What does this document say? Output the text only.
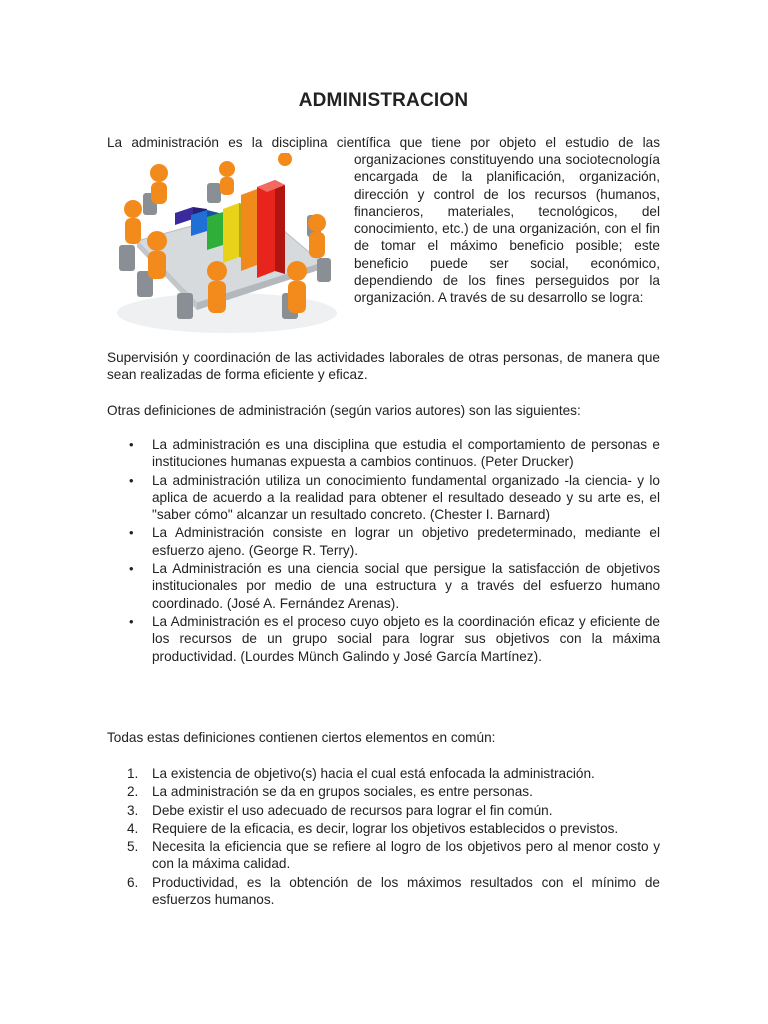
ADMINISTRACION
La administración es la disciplina científica que tiene por objeto el estudio de las
organizaciones constituyendo una sociotecnología encargada de la planificación, organización, dirección y control de los recursos (humanos, financieros, materiales, tecnológicos, del conocimiento, etc.) de una organización, con el fin de tomar el máximo beneficio posible; este beneficio puede ser social, económico, dependiendo de los fines perseguidos por la organización. A través de su desarrollo se logra:

Supervisión y coordinación de las actividades laborales de otras personas, de manera que sean realizadas de forma eficiente y eficaz.

Otras definiciones de administración (según varios autores) son las siguientes:

• La administración es una disciplina que estudia el comportamiento de personas e instituciones humanas expuesta a cambios continuos. (Peter Drucker)
• La administración utiliza un conocimiento fundamental organizado -la ciencia- y lo aplica de acuerdo a la realidad para obtener el resultado deseado y su arte es, el "saber cómo" alcanzar un resultado concreto. (Chester I. Barnard)
• La Administración consiste en lograr un objetivo predeterminado, mediante el esfuerzo ajeno. (George R. Terry).
• La Administración es una ciencia social que persigue la satisfacción de objetivos institucionales por medio de una estructura y a través del esfuerzo humano coordinado. (José A. Fernández Arenas).
• La Administración es el proceso cuyo objeto es la coordinación eficaz y eficiente de los recursos de un grupo social para lograr sus objetivos con la máxima productividad. (Lourdes Münch Galindo y José García Martínez).

Todas estas definiciones contienen ciertos elementos en común:

1. La existencia de objetivo(s) hacia el cual está enfocada la administración.
2. La administración se da en grupos sociales, es entre personas.
3. Debe existir el uso adecuado de recursos para lograr el fin común.
4. Requiere de la eficacia, es decir, lograr los objetivos establecidos o previstos.
5. Necesita la eficiencia que se refiere al logro de los objetivos pero al menor costo y con la máxima calidad.
6. Productividad, es la obtención de los máximos resultados con el mínimo de esfuerzos humanos.
